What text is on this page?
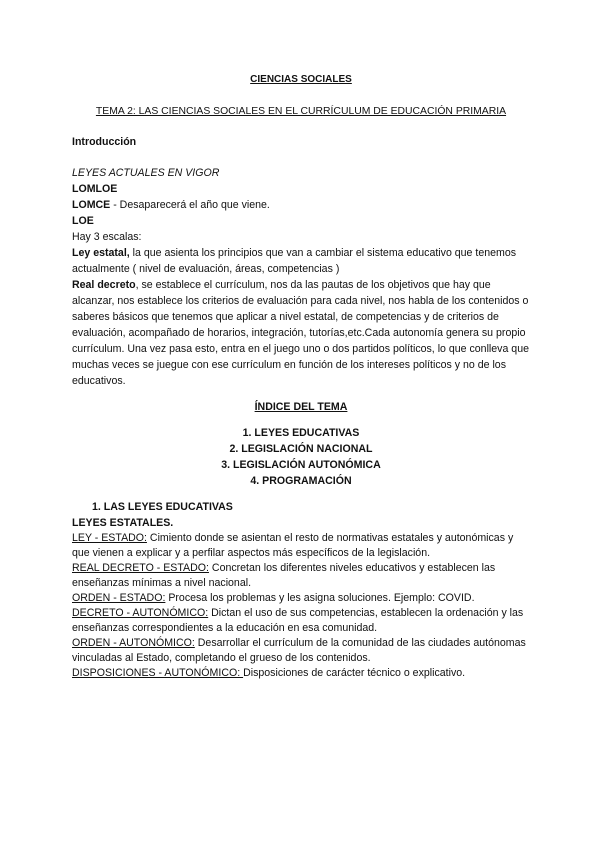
CIENCIAS SOCIALES
TEMA 2: LAS CIENCIAS SOCIALES EN EL CURRÍCULUM DE EDUCACIÓN PRIMARIA
Introducción
LEYES ACTUALES EN VIGOR
LOMLOE
LOMCE - Desaparecerá el año que viene.
LOE
Hay 3 escalas:
Ley estatal, la que asienta los principios que van a cambiar el sistema educativo que tenemos actualmente ( nivel de evaluación, áreas, competencias )
Real decreto, se establece el currículum, nos da las pautas de los objetivos que hay que alcanzar, nos establece los criterios de evaluación para cada nivel, nos habla de los contenidos o saberes básicos que tenemos que aplicar a nivel estatal, de competencias y de criterios de evaluación, acompañado de horarios, integración, tutorías,etc.Cada autonomía genera su propio currículum. Una vez pasa esto, entra en el juego uno o dos partidos políticos, lo que conlleva que muchas veces se juegue con ese currículum en función de los intereses políticos y no de los educativos.
ÍNDICE DEL TEMA
1. LEYES EDUCATIVAS
2. LEGISLACIÓN NACIONAL
3. LEGISLACIÓN AUTONÓMICA
4. PROGRAMACIÓN
1. LAS LEYES EDUCATIVAS
LEYES ESTATALES.
LEY - ESTADO: Cimiento donde se asientan el resto de normativas estatales y autonómicas y que vienen a explicar y a perfilar aspectos más específicos de la legislación.
REAL DECRETO - ESTADO: Concretan los diferentes niveles educativos y establecen las enseñanzas mínimas a nivel nacional.
ORDEN - ESTADO: Procesa los problemas y les asigna soluciones. Ejemplo: COVID.
DECRETO - AUTONÓMICO: Dictan el uso de sus competencias, establecen la ordenación y las enseñanzas correspondientes a la educación en esa comunidad.
ORDEN - AUTONÓMICO: Desarrollar el currículum de la comunidad de las ciudades autónomas vinculadas al Estado, completando el grueso de los contenidos.
DISPOSICIONES - AUTONÓMICO: Disposiciones de carácter técnico o explicativo.
